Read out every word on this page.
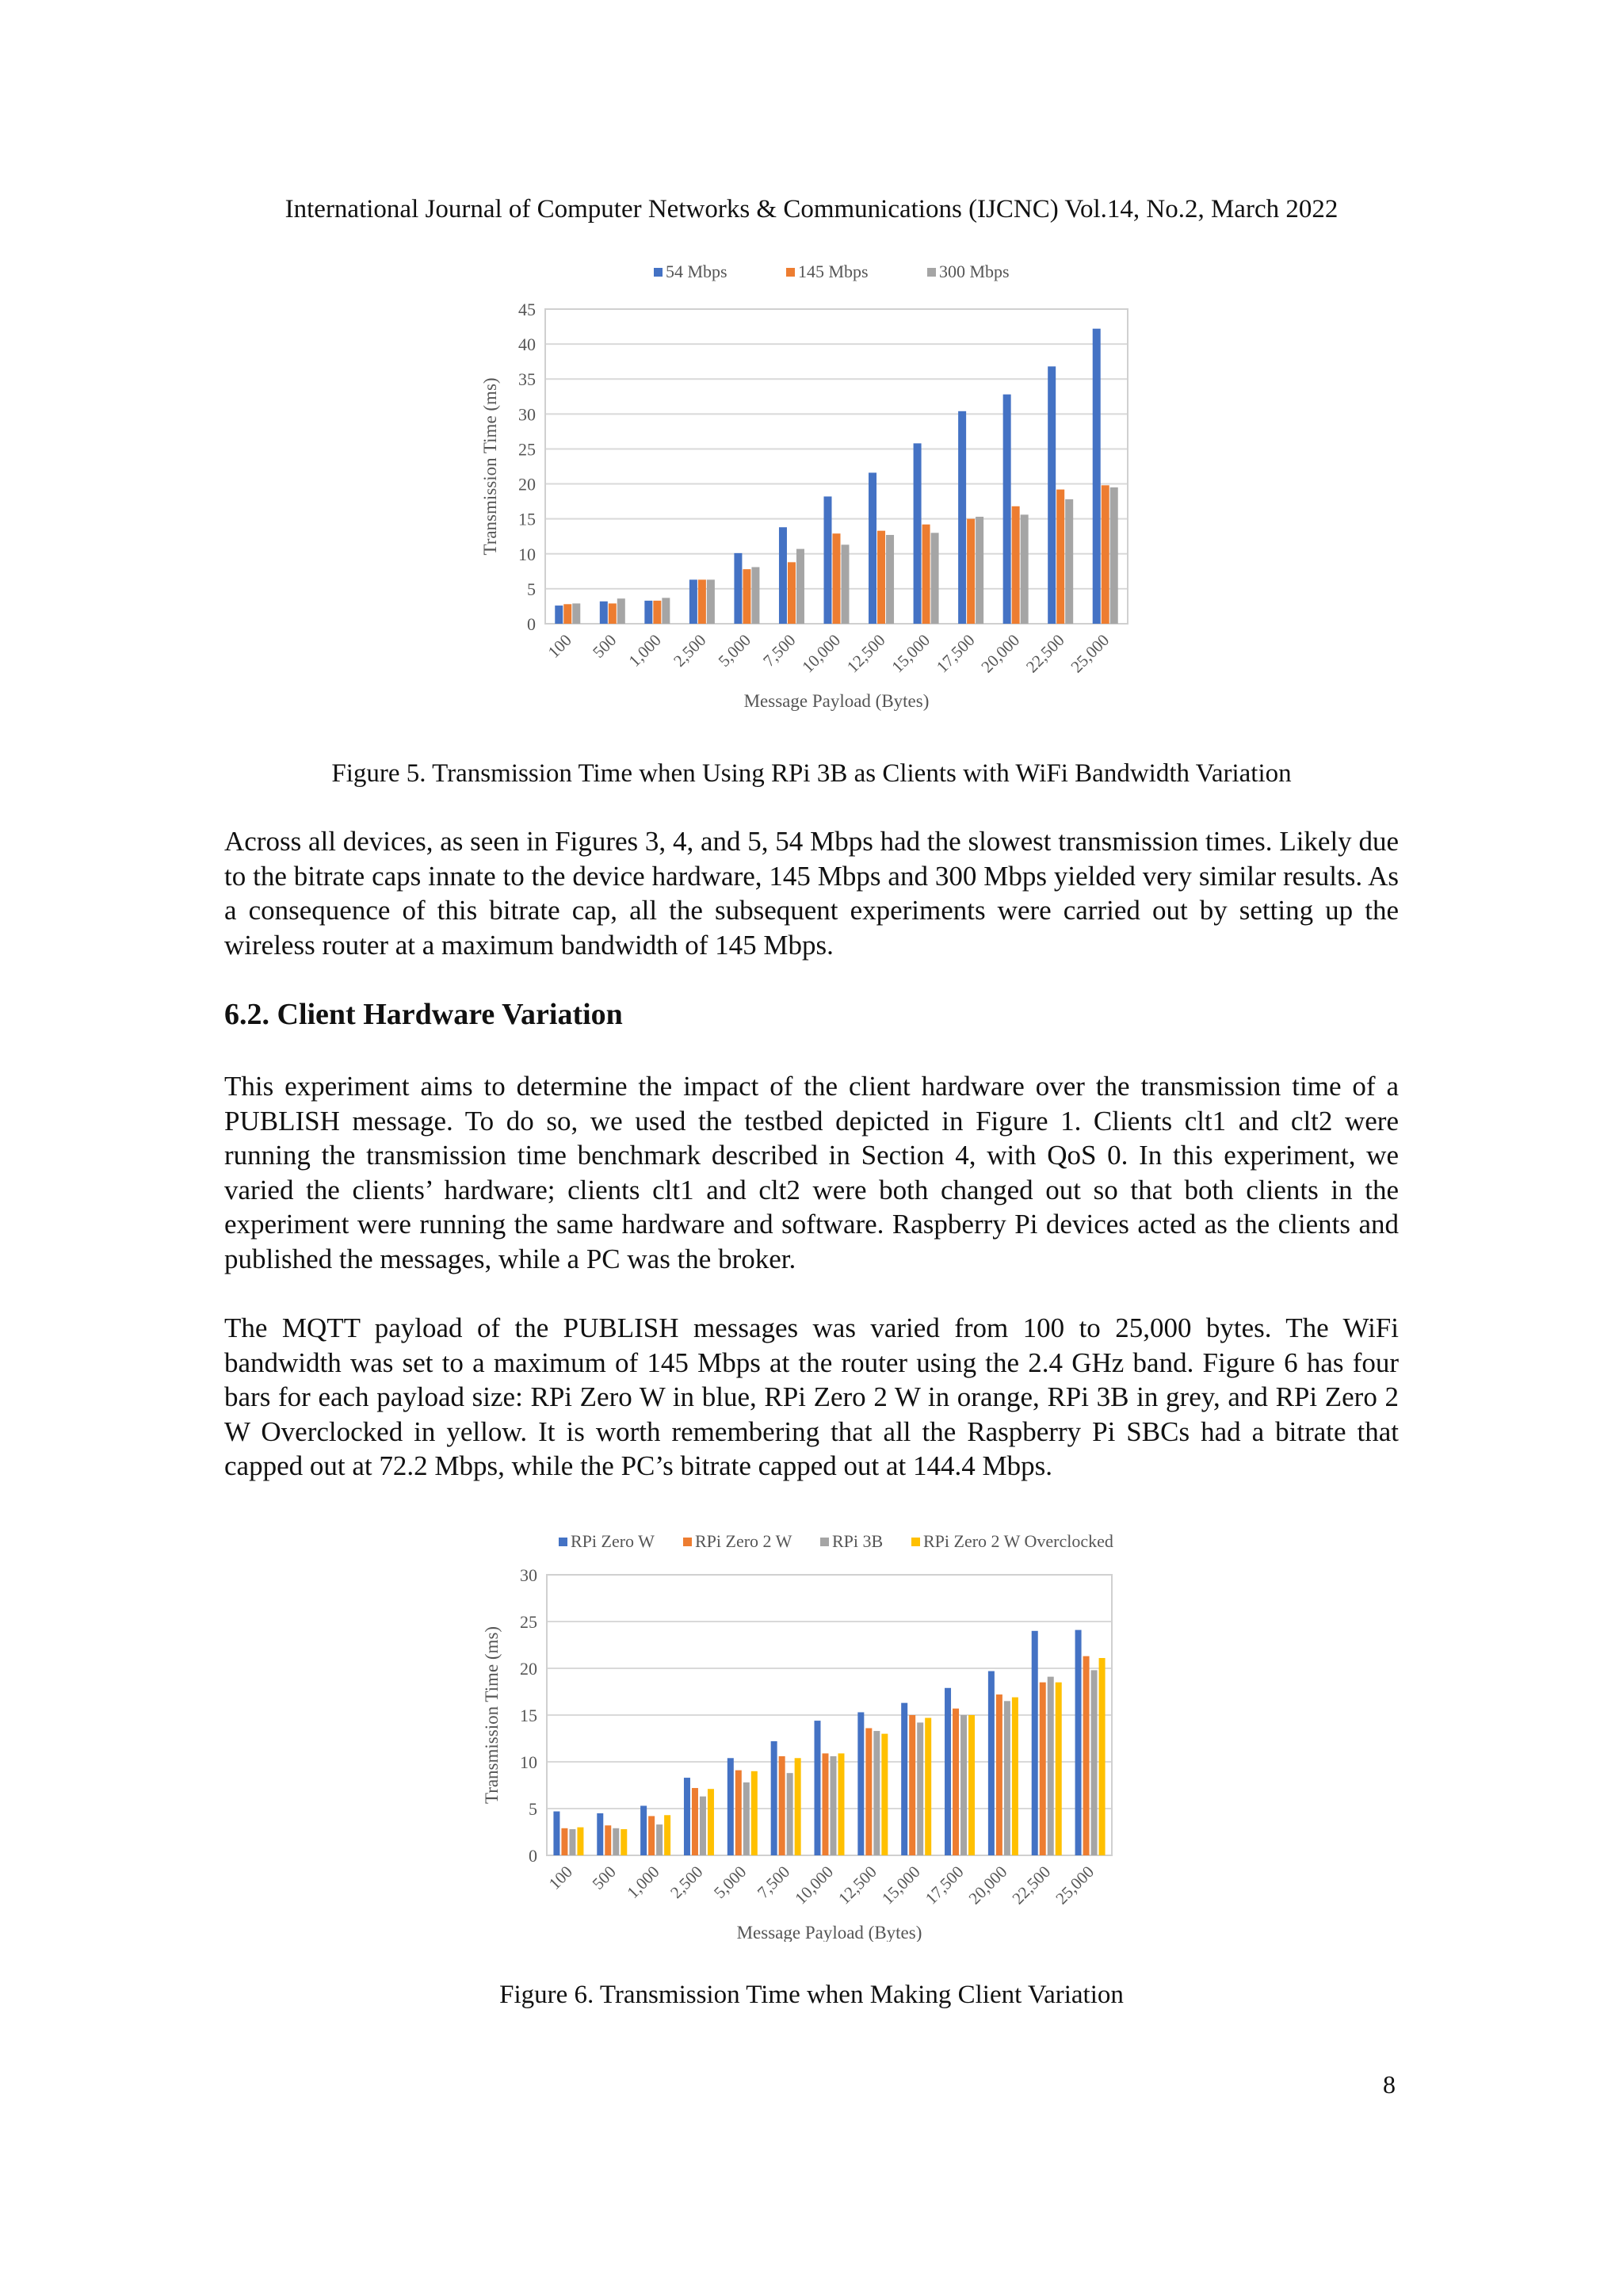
International Journal of Computer Networks & Communications (IJCNC) Vol.14, No.2, March 2022
0
5
10
15
20
25
30
35
40
45
Transmission Time (ms)
100 500 1,000 2,500 5,000 7,500
10,000
12,500
15,000
17,500
20,000
22,500
25,000
Message Payload (Bytes)
54 Mbps	145 Mbps	300 Mbps
Figure 5. Transmission Time when Using RPi 3B as Clients with WiFi Bandwidth Variation
Across all devices, as seen in Figures 3, 4, and 5, 54 Mbps had the slowest transmission times. Likely due to the bitrate caps innate to the device hardware, 145 Mbps and 300 Mbps yielded very similar results. As a consequence of this bitrate cap, all the subsequent experiments were carried out by setting up the wireless router at a maximum bandwidth of 145 Mbps.
6.2. Client Hardware Variation
This experiment aims to determine the impact of the client hardware over the transmission time of a PUBLISH message. To do so, we used the testbed depicted in Figure 1. Clients clt1 and clt2 were running the transmission time benchmark described in Section 4, with QoS 0. In this experiment, we varied the clients’ hardware; clients clt1 and clt2 were both changed out so that both clients in the experiment were running the same hardware and software. Raspberry Pi devices acted as the clients and published the messages, while a PC was the broker.
The MQTT payload of the PUBLISH messages was varied from 100 to 25,000 bytes. The WiFi bandwidth was set to a maximum of 145 Mbps at the router using the 2.4 GHz band. Figure 6 has four bars for each payload size: RPi Zero W in blue, RPi Zero 2 W in orange, RPi 3B in grey, and RPi Zero 2 W Overclocked in yellow. It is worth remembering that all the Raspberry Pi SBCs had a bitrate that capped out at 72.2 Mbps, while the PC’s bitrate capped out at 144.4 Mbps.
0
5
10
15
20
25
30
Transmission Time (ms)
100 500 1,000 2,500 5,000 7,500
10,000
12,500
15,000
17,500
20,000
22,500
25,000
Message Payload (Bytes)
RPi Zero W RPi Zero 2 W RPi 3B RPi Zero 2 W Overclocked
Figure 6. Transmission Time when Making Client Variation
8
